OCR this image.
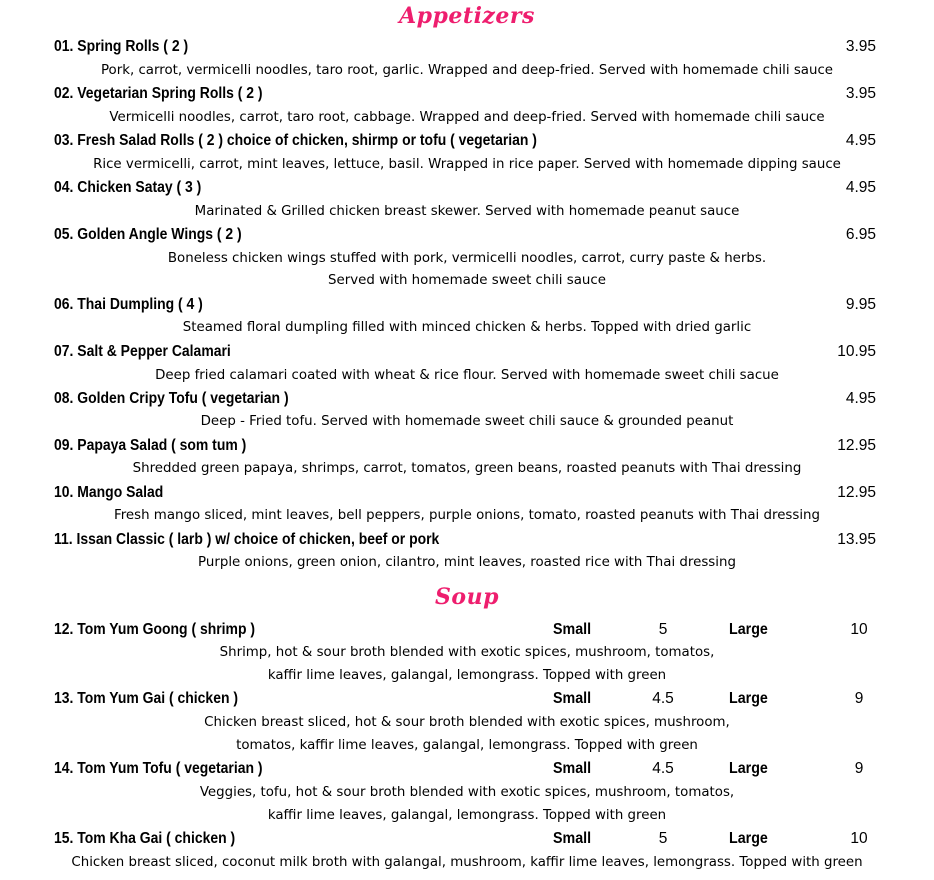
Appetizers
01. Spring Rolls ( 2 )	3.95
Pork, carrot, vermicelli noodles, taro root, garlic. Wrapped and deep-fried. Served with homemade chili sauce
02. Vegetarian Spring Rolls ( 2 )	3.95
Vermicelli noodles, carrot, taro root, cabbage. Wrapped and deep-fried. Served with homemade chili sauce
03. Fresh Salad Rolls ( 2 ) choice of chicken, shirmp or tofu ( vegetarian )	4.95
Rice vermicelli, carrot, mint leaves, lettuce, basil. Wrapped in rice paper. Served with homemade dipping sauce
04. Chicken Satay ( 3 )	4.95
Marinated & Grilled chicken breast skewer. Served with homemade peanut sauce
05. Golden Angle Wings ( 2 )	6.95
Boneless chicken wings stuffed with pork, vermicelli noodles, carrot, curry paste & herbs.
Served with homemade sweet chili sauce
06. Thai Dumpling ( 4 )	9.95
Steamed floral dumpling filled with minced chicken & herbs. Topped with dried garlic
07. Salt & Pepper Calamari	10.95
Deep fried calamari coated with wheat & rice flour. Served with homemade sweet chili sacue
08. Golden Cripy Tofu ( vegetarian )	4.95
Deep - Fried tofu. Served with homemade sweet chili sauce & grounded peanut
09. Papaya Salad ( som tum )	12.95
Shredded green papaya, shrimps, carrot, tomatos, green beans, roasted peanuts with Thai dressing
10. Mango Salad	12.95
Fresh mango sliced, mint leaves, bell peppers, purple onions, tomato, roasted peanuts with Thai dressing
11. Issan Classic ( larb ) w/ choice of chicken, beef or pork	13.95
Purple onions, green onion, cilantro, mint leaves, roasted rice with Thai dressing
Soup
12. Tom Yum Goong ( shrimp )	Small	5	Large	10
Shrimp, hot & sour broth blended with exotic spices, mushroom, tomatos,
kaffir lime leaves, galangal, lemongrass. Topped with green
13. Tom Yum Gai ( chicken )	Small	4.5	Large	9
Chicken breast sliced, hot & sour broth blended with exotic spices, mushroom,
tomatos, kaffir lime leaves, galangal, lemongrass. Topped with green
14. Tom Yum Tofu ( vegetarian )	Small	4.5	Large	9
Veggies, tofu, hot & sour broth blended with exotic spices, mushroom, tomatos,
kaffir lime leaves, galangal, lemongrass. Topped with green
15. Tom Kha Gai ( chicken )	Small	5	Large	10
Chicken breast sliced, coconut milk broth with galangal, mushroom, kaffir lime leaves, lemongrass. Topped with green
